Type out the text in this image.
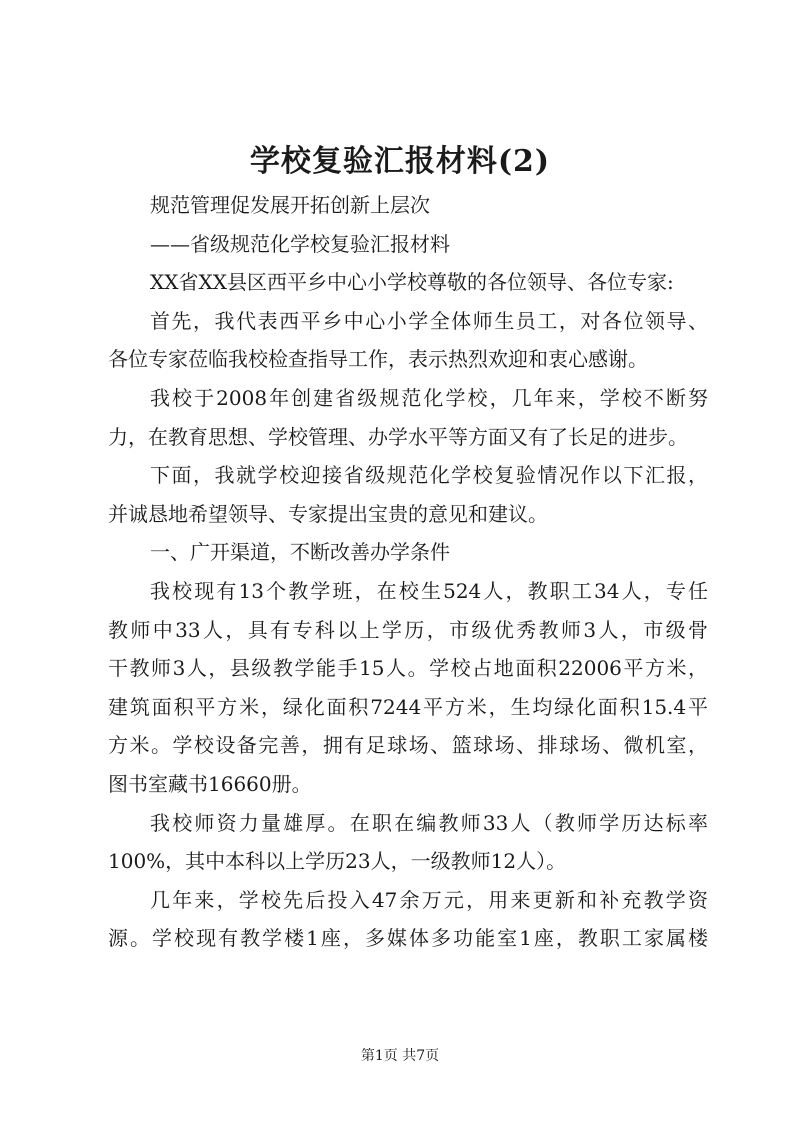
学校复验汇报材料(2)
规范管理促发展开拓创新上层次
——省级规范化学校复验汇报材料
XX省XX县区西平乡中心小学校尊敬的各位领导、各位专家:
首先，我代表西平乡中心小学全体师生员工，对各位领导、
各位专家莅临我校检查指导工作，表示热烈欢迎和衷心感谢。
我校于2008年创建省级规范化学校，几年来，学校不断努
力，在教育思想、学校管理、办学水平等方面又有了长足的进步。
下面，我就学校迎接省级规范化学校复验情况作以下汇报，
并诚恳地希望领导、专家提出宝贵的意见和建议。
一、广开渠道，不断改善办学条件
我校现有13个教学班，在校生524人，教职工34人，专任
教师中33人，具有专科以上学历，市级优秀教师3人，市级骨
干教师3人，县级教学能手15人。学校占地面积22006平方米，
建筑面积平方米，绿化面积7244平方米，生均绿化面积15.4平
方米。学校设备完善，拥有足球场、篮球场、排球场、微机室，
图书室藏书16660册。
我校师资力量雄厚。在职在编教师33人（教师学历达标率
100%，其中本科以上学历23人，一级教师12人）。
几年来，学校先后投入47余万元，用来更新和补充教学资
源。学校现有教学楼1座，多媒体多功能室1座，教职工家属楼
第1页 共7页
